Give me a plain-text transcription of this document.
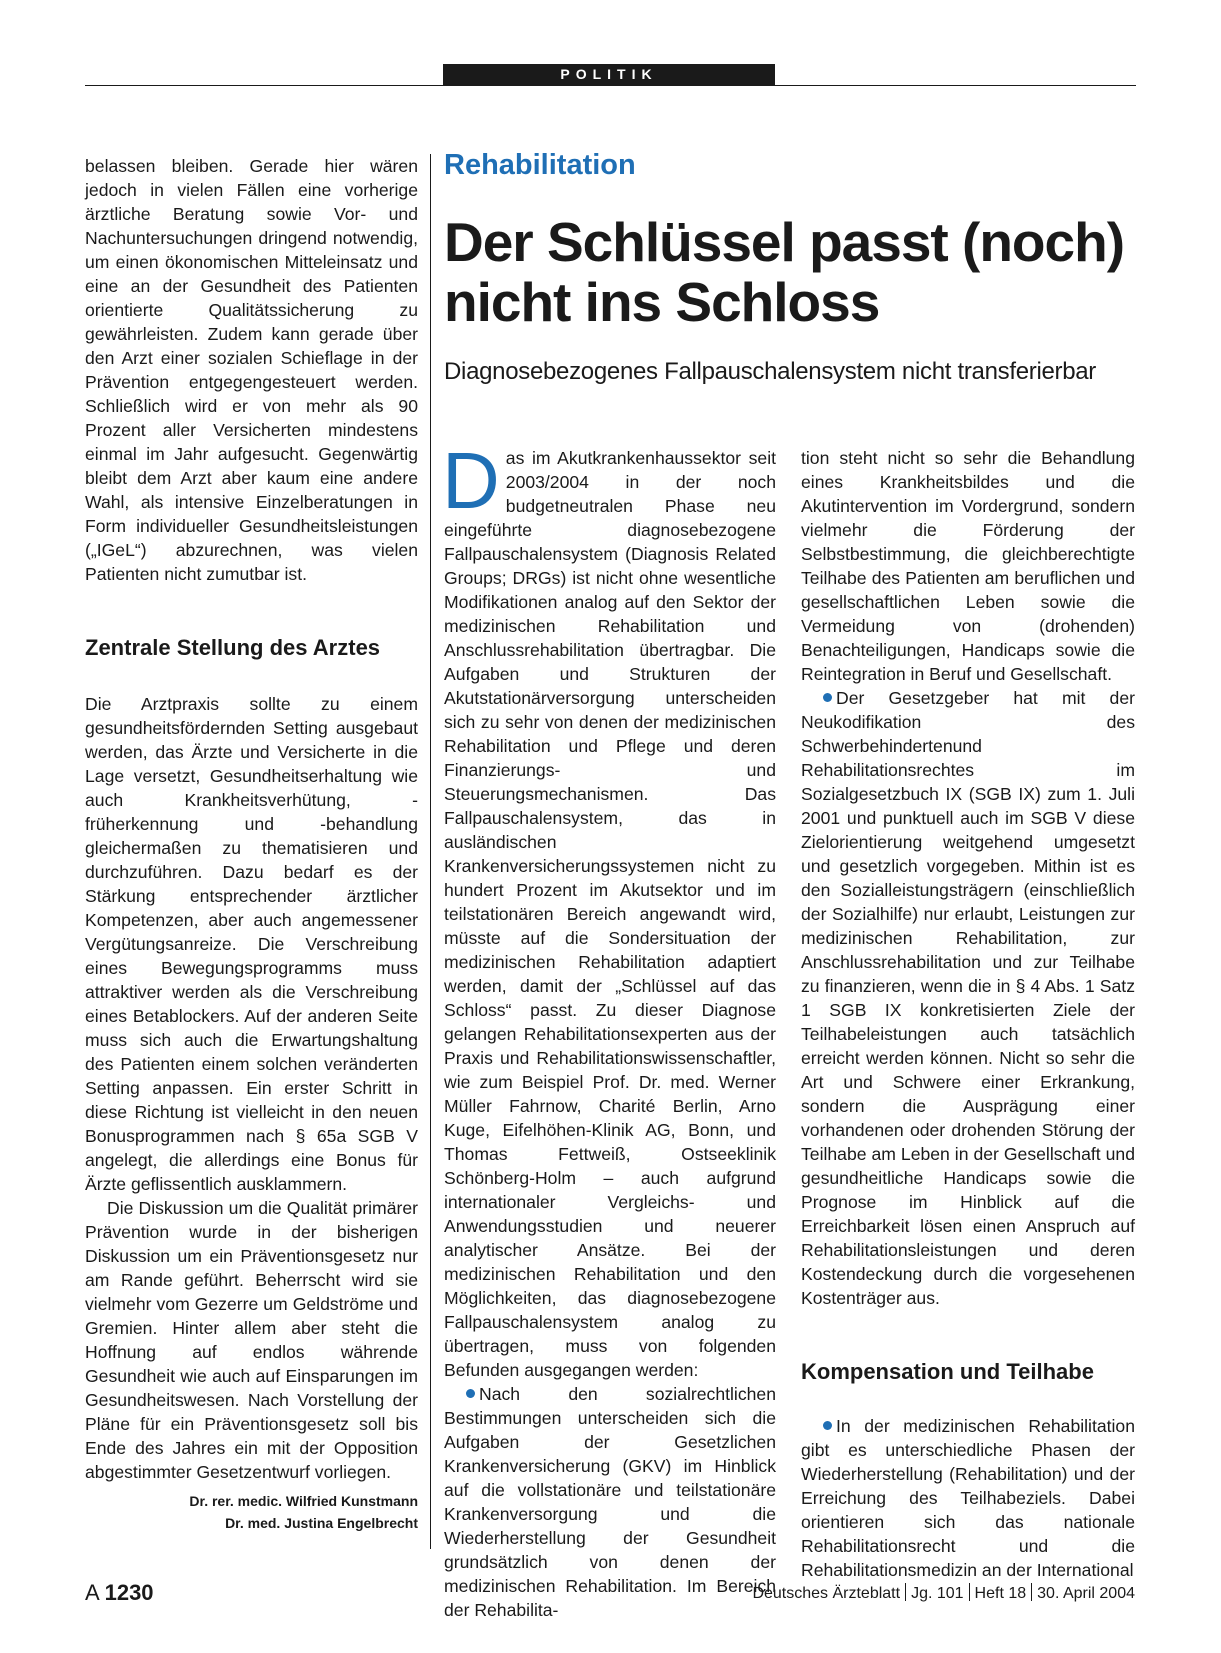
POLITIK

belassen bleiben. Gerade hier wären jedoch in vielen Fällen eine vorherige ärztliche Beratung sowie Vor- und Nachuntersuchungen dringend notwendig, um einen ökonomischen Mitteleinsatz und eine an der Gesundheit des Patienten orientierte Qualitätssicherung zu gewährleisten. Zudem kann gerade über den Arzt einer sozialen Schieflage in der Prävention entgegengesteuert werden. Schließlich wird er von mehr als 90 Prozent aller Versicherten mindestens einmal im Jahr aufgesucht. Gegenwärtig bleibt dem Arzt aber kaum eine andere Wahl, als intensive Einzelberatungen in Form individueller Gesundheitsleistungen („IGeL“) abzurechnen, was vielen Patienten nicht zumutbar ist.

Zentrale Stellung des Arztes

Die Arztpraxis sollte zu einem gesundheitsfördernden Setting ausgebaut werden, das Ärzte und Versicherte in die Lage versetzt, Gesundheitserhaltung wie auch Krankheitsverhütung, -früherkennung und -behandlung gleichermaßen zu thematisieren und durchzuführen. Dazu bedarf es der Stärkung entsprechender ärztlicher Kompetenzen, aber auch angemessener Vergütungsanreize. Die Verschreibung eines Bewegungsprogramms muss attraktiver werden als die Verschreibung eines Betablockers. Auf der anderen Seite muss sich auch die Erwartungshaltung des Patienten einem solchen veränderten Setting anpassen. Ein erster Schritt in diese Richtung ist vielleicht in den neuen Bonusprogrammen nach § 65a SGB V angelegt, die allerdings eine Bonus für Ärzte geflissentlich ausklammern.

Die Diskussion um die Qualität primärer Prävention wurde in der bisherigen Diskussion um ein Präventionsgesetz nur am Rande geführt. Beherrscht wird sie vielmehr vom Gezerre um Geldströme und Gremien. Hinter allem aber steht die Hoffnung auf endlos währende Gesundheit wie auch auf Einsparungen im Gesundheitswesen. Nach Vorstellung der Pläne für ein Präventionsgesetz soll bis Ende des Jahres ein mit der Opposition abgestimmter Gesetzentwurf vorliegen.

Dr. rer. medic. Wilfried Kunstmann
Dr. med. Justina Engelbrecht
Rehabilitation
Der Schlüssel passt (noch) nicht ins Schloss
Diagnosebezogenes Fallpauschalensystem nicht transferierbar

Das im Akutkrankenhaussektor seit 2003/2004 in der noch budgetneutralen Phase neu eingeführte diagnosebezogene Fallpauschalensystem (Diagnosis Related Groups; DRGs) ist nicht ohne wesentliche Modifikationen analog auf den Sektor der medizinischen Rehabilitation und Anschlussrehabilitation übertragbar. Die Aufgaben und Strukturen der Akutstationärversorgung unterscheiden sich zu sehr von denen der medizinischen Rehabilitation und Pflege und deren Finanzierungs- und Steuerungsmechanismen. Das Fallpauschalensystem, das in ausländischen Krankenversicherungssystemen nicht zu hundert Prozent im Akutsektor und im teilstationären Bereich angewandt wird, müsste auf die Sondersituation der medizinischen Rehabilitation adaptiert werden, damit der „Schlüssel auf das Schloss“ passt. Zu dieser Diagnose gelangen Rehabilitationsexperten aus der Praxis und Rehabilitationswissenschaftler, wie zum Beispiel Prof. Dr. med. Werner Müller Fahrnow, Charité Berlin, Arno Kuge, Eifelhöhen-Klinik AG, Bonn, und Thomas Fettweiß, Ostseeklinik Schönberg-Holm – auch aufgrund internationaler Vergleichs- und Anwendungsstudien und neuerer analytischer Ansätze. Bei der medizinischen Rehabilitation und den Möglichkeiten, das diagnosebezogene Fallpauschalensystem analog zu übertragen, muss von folgenden Befunden ausgegangen werden:

Nach den sozialrechtlichen Bestimmungen unterscheiden sich die Aufgaben der Gesetzlichen Krankenversicherung (GKV) im Hinblick auf die vollstationäre und teilstationäre Krankenversorgung und die Wiederherstellung der Gesundheit grundsätzlich von denen der medizinischen Rehabilitation. Im Bereich der Rehabilita-

tion steht nicht so sehr die Behandlung eines Krankheitsbildes und die Akutintervention im Vordergrund, sondern vielmehr die Förderung der Selbstbestimmung, die gleichberechtigte Teilhabe des Patienten am beruflichen und gesellschaftlichen Leben sowie die Vermeidung von (drohenden) Benachteiligungen, Handicaps sowie die Reintegration in Beruf und Gesellschaft.

Der Gesetzgeber hat mit der Neukodifikation des Schwerbehindertenund Rehabilitationsrechtes im Sozialgesetzbuch IX (SGB IX) zum 1. Juli 2001 und punktuell auch im SGB V diese Zielorientierung weitgehend umgesetzt und gesetzlich vorgegeben. Mithin ist es den Sozialleistungsträgern (einschließlich der Sozialhilfe) nur erlaubt, Leistungen zur medizinischen Rehabilitation, zur Anschlussrehabilitation und zur Teilhabe zu finanzieren, wenn die in § 4 Abs. 1 Satz 1 SGB IX konkretisierten Ziele der Teilhabeleistungen auch tatsächlich erreicht werden können. Nicht so sehr die Art und Schwere einer Erkrankung, sondern die Ausprägung einer vorhandenen oder drohenden Störung der Teilhabe am Leben in der Gesellschaft und gesundheitliche Handicaps sowie die Prognose im Hinblick auf die Erreichbarkeit lösen einen Anspruch auf Rehabilitationsleistungen und deren Kostendeckung durch die vorgesehenen Kostenträger aus.

Kompensation und Teilhabe

In der medizinischen Rehabilitation gibt es unterschiedliche Phasen der Wiederherstellung (Rehabilitation) und der Erreichung des Teilhabeziels. Dabei orientieren sich das nationale Rehabilitationsrecht und die Rehabilitationsmedizin an der International

A 1230	Deutsches Ärzteblatt Jg. 101 Heft 18 30. April 2004
